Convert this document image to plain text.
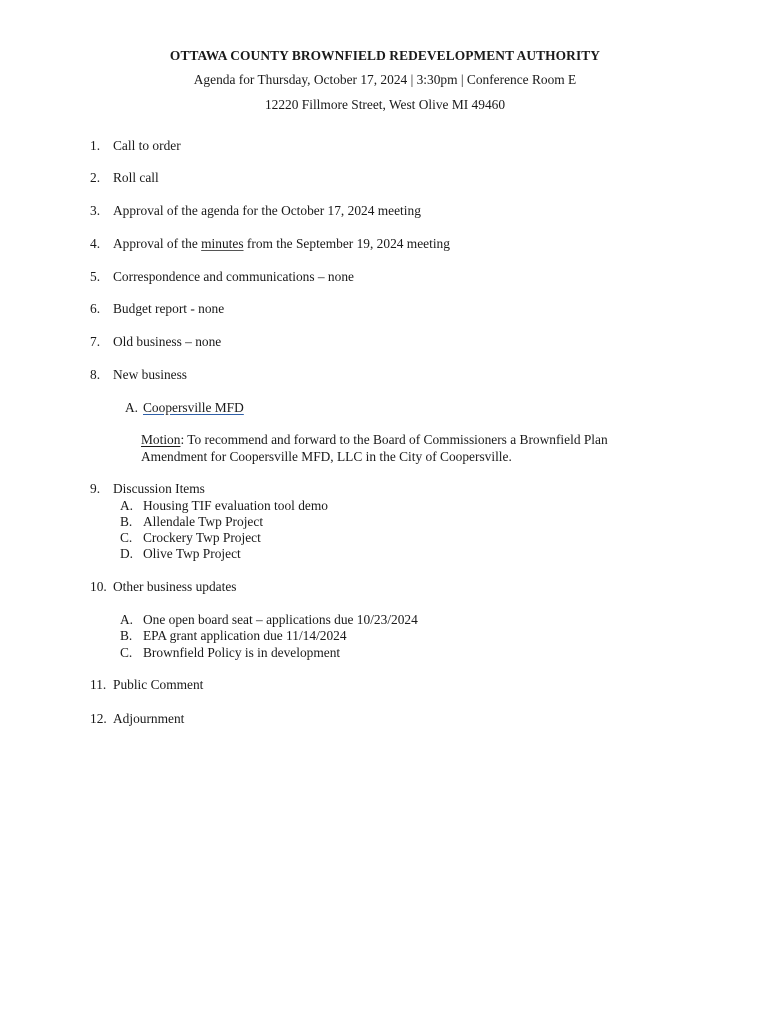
OTTAWA COUNTY BROWNFIELD REDEVELOPMENT AUTHORITY
Agenda for Thursday, October 17, 2024 | 3:30pm | Conference Room E
12220 Fillmore Street, West Olive MI 49460
1. Call to order
2. Roll call
3. Approval of the agenda for the October 17, 2024 meeting
4. Approval of the minutes from the September 19, 2024 meeting
5. Correspondence and communications – none
6. Budget report - none
7. Old business – none
8. New business
A. Coopersville MFD
Motion: To recommend and forward to the Board of Commissioners a Brownfield Plan
Amendment for Coopersville MFD, LLC in the City of Coopersville.
9. Discussion Items
A. Housing TIF evaluation tool demo
B. Allendale Twp Project
C. Crockery Twp Project
D. Olive Twp Project
10. Other business updates
A. One open board seat – applications due 10/23/2024
B. EPA grant application due 11/14/2024
C. Brownfield Policy is in development
11. Public Comment
12. Adjournment
